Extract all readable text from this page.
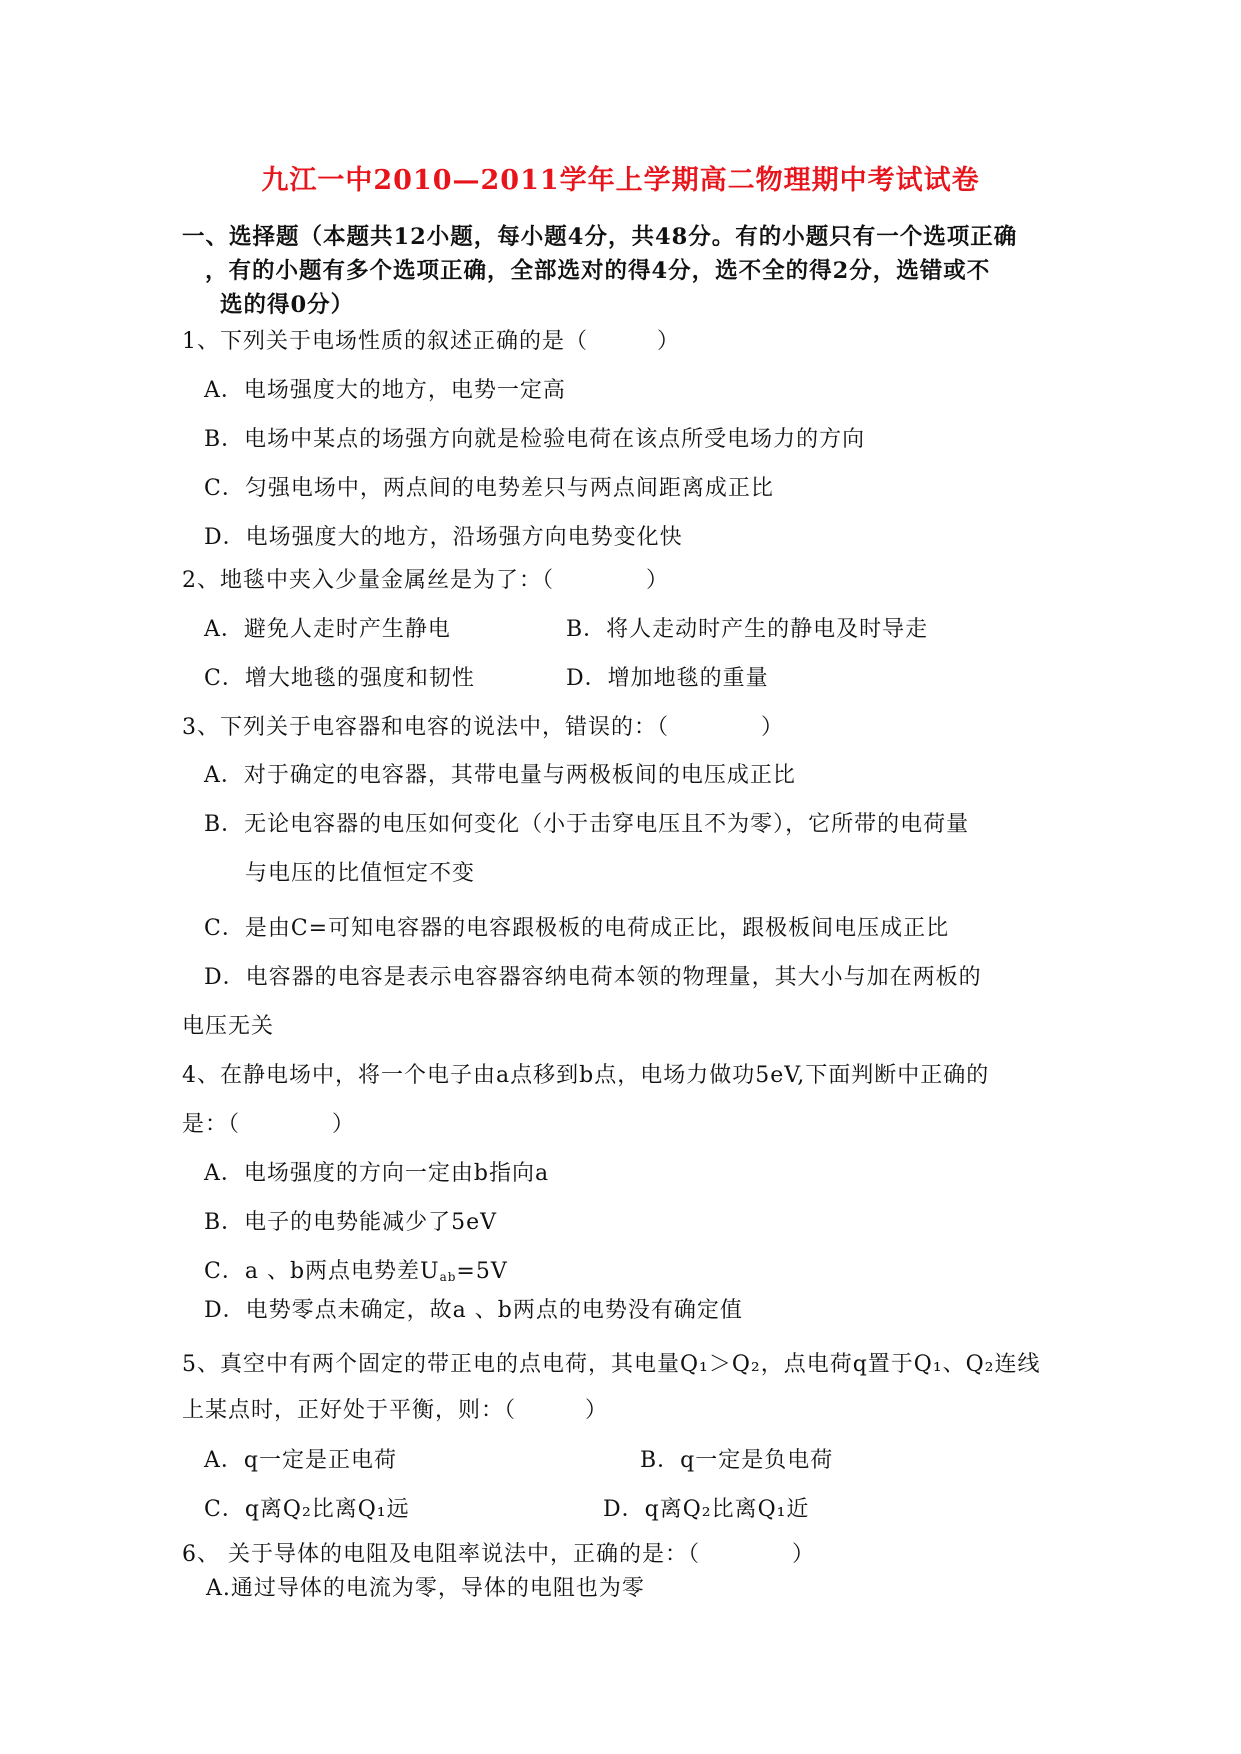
九江一中2010—2011学年上学期高二物理期中考试试卷
一、选择题（本题共12小题，每小题4分，共48分。有的小题只有一个选项正确
，有的小题有多个选项正确，全部选对的得4分，选不全的得2分，选错或不
选的得0分）
1、下列关于电场性质的叙述正确的是（　　　）
A．电场强度大的地方，电势一定高
B．电场中某点的场强方向就是检验电荷在该点所受电场力的方向
C．匀强电场中，两点间的电势差只与两点间距离成正比
D．电场强度大的地方，沿场强方向电势变化快
2、地毯中夹入少量金属丝是为了：（　　　　）
A．避免人走时产生静电	B．将人走动时产生的静电及时导走
C．增大地毯的强度和韧性	D．增加地毯的重量
3、下列关于电容器和电容的说法中，错误的：（　　　　）
A．对于确定的电容器，其带电量与两极板间的电压成正比
B．无论电容器的电压如何变化（小于击穿电压且不为零），它所带的电荷量
与电压的比值恒定不变
C．是由C=可知电容器的电容跟极板的电荷成正比，跟极板间电压成正比
D．电容器的电容是表示电容器容纳电荷本领的物理量，其大小与加在两板的
电压无关
4、在静电场中，将一个电子由a点移到b点，电场力做功5eV,下面判断中正确的
是：（　　　　）
A．电场强度的方向一定由b指向a
B．电子的电势能减少了5eV
C．a 、b两点电势差$U_{ab}=5V$
D．电势零点未确定，故a 、b两点的电势没有确定值
5、真空中有两个固定的带正电的点电荷，其电量Q₁＞Q₂，点电荷q置于Q₁、Q₂连线
上某点时，正好处于平衡，则：（　　　）
A．q一定是正电荷	B．q一定是负电荷
C．q离Q₂比离Q₁远	D．q离Q₂比离Q₁近
6、 关于导体的电阻及电阻率说法中，正确的是：（　　　　）
A.通过导体的电流为零，导体的电阻也为零
